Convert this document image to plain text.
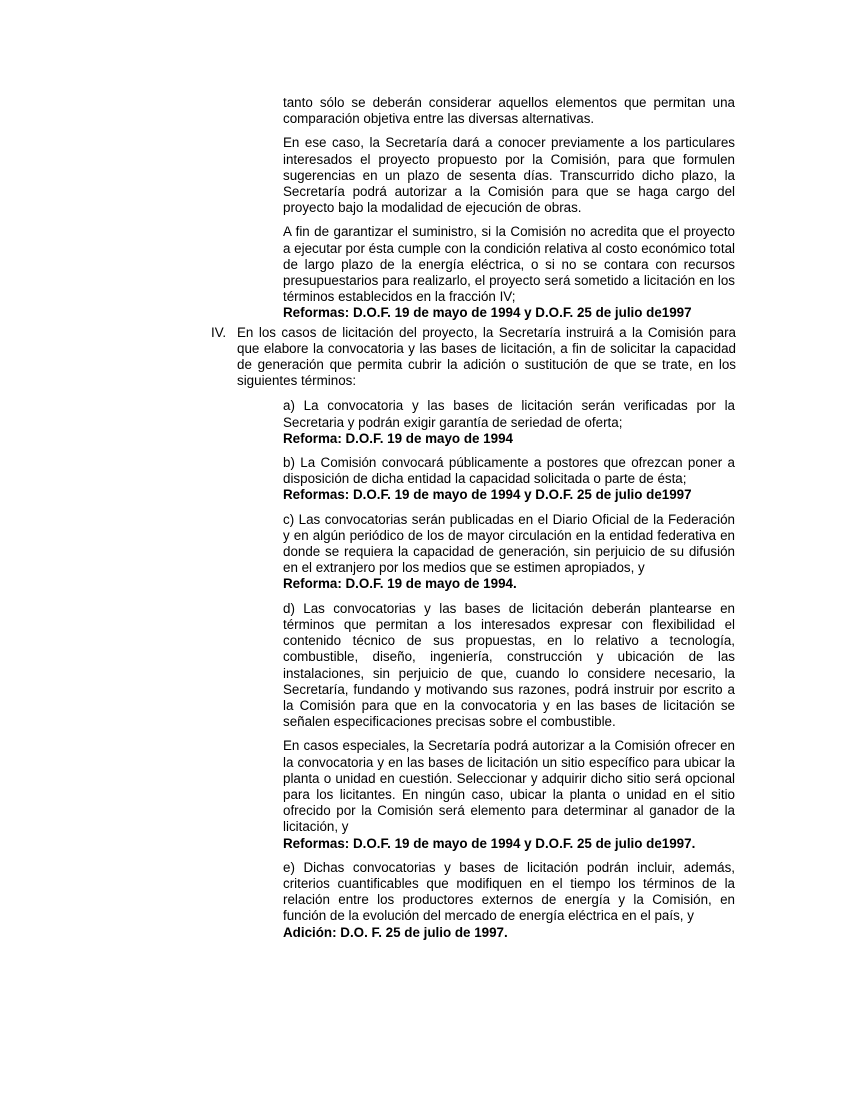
tanto sólo se deberán considerar aquellos elementos que permitan una comparación objetiva entre las diversas alternativas.

En ese caso, la Secretaría dará a conocer previamente a los particulares interesados el proyecto propuesto por la Comisión, para que formulen sugerencias en un plazo de sesenta días. Transcurrido dicho plazo, la Secretaría podrá autorizar a la Comisión para que se haga cargo del proyecto bajo la modalidad de ejecución de obras.

A fin de garantizar el suministro, si la Comisión no acredita que el proyecto a ejecutar por ésta cumple con la condición relativa al costo económico total de largo plazo de la energía eléctrica, o si no se contara con recursos presupuestarios para realizarlo, el proyecto será sometido a licitación en los términos establecidos en la fracción IV;

Reformas: D.O.F. 19 de mayo de 1994 y D.O.F. 25 de julio de1997

IV. En los casos de licitación del proyecto, la Secretaría instruirá a la Comisión para que elabore la convocatoria y las bases de licitación, a fin de solicitar la capacidad de generación que permita cubrir la adición o sustitución de que se trate, en los siguientes términos:

a) La convocatoria y las bases de licitación serán verificadas por la Secretaria y podrán exigir garantía de seriedad de oferta;

Reforma: D.O.F. 19 de mayo de 1994

b) La Comisión convocará públicamente a postores que ofrezcan poner a disposición de dicha entidad la capacidad solicitada o parte de ésta;

Reformas: D.O.F. 19 de mayo de 1994 y D.O.F. 25 de julio de1997

c) Las convocatorias serán publicadas en el Diario Oficial de la Federación y en algún periódico de los de mayor circulación en la entidad federativa en donde se requiera la capacidad de generación, sin perjuicio de su difusión en el extranjero por los medios que se estimen apropiados, y

Reforma: D.O.F. 19 de mayo de 1994.

d) Las convocatorias y las bases de licitación deberán plantearse en términos que permitan a los interesados expresar con flexibilidad el contenido técnico de sus propuestas, en lo relativo a tecnología, combustible, diseño, ingeniería, construcción y ubicación de las instalaciones, sin perjuicio de que, cuando lo considere necesario, la Secretaría, fundando y motivando sus razones, podrá instruir por escrito a la Comisión para que en la convocatoria y en las bases de licitación se señalen especificaciones precisas sobre el combustible.

En casos especiales, la Secretaría podrá autorizar a la Comisión ofrecer en la convocatoria y en las bases de licitación un sitio específico para ubicar la planta o unidad en cuestión. Seleccionar y adquirir dicho sitio será opcional para los licitantes. En ningún caso, ubicar la planta o unidad en el sitio ofrecido por la Comisión será elemento para determinar al ganador de la licitación, y

Reformas: D.O.F. 19 de mayo de 1994 y D.O.F. 25 de julio de1997.

e) Dichas convocatorias y bases de licitación podrán incluir, además, criterios cuantificables que modifiquen en el tiempo los términos de la relación entre los productores externos de energía y la Comisión, en función de la evolución del mercado de energía eléctrica en el país, y

Adición: D.O. F. 25 de julio de 1997.
